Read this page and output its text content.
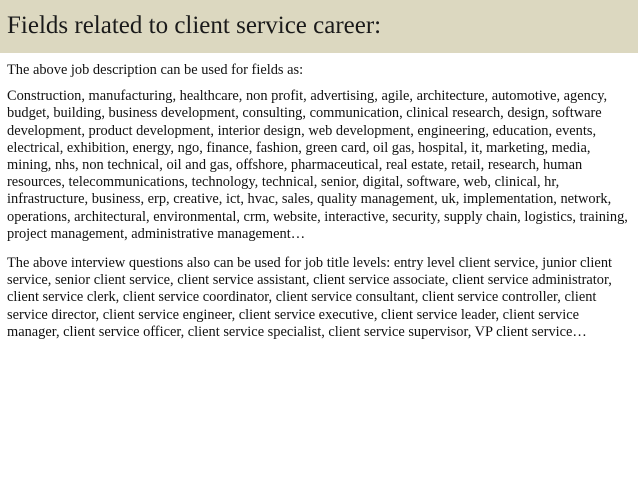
Fields related to client service career:

The above job description can be used for fields as:

Construction, manufacturing, healthcare, non profit, advertising, agile, architecture, automotive, agency, budget, building, business development, consulting, communication, clinical research, design, software development, product development, interior design, web development, engineering, education, events, electrical, exhibition, energy, ngo, finance, fashion, green card, oil gas, hospital, it, marketing, media, mining, nhs, non technical, oil and gas, offshore, pharmaceutical, real estate, retail, research, human resources, telecommunications, technology, technical, senior, digital, software, web, clinical, hr, infrastructure, business, erp, creative, ict, hvac, sales, quality management, uk, implementation, network, operations, architectural, environmental, crm, website, interactive, security, supply chain, logistics, training, project management, administrative management…

The above interview questions also can be used for job title levels: entry level client service, junior client service, senior client service, client service assistant, client service associate, client service administrator, client service clerk, client service coordinator, client service consultant, client service controller, client service director, client service engineer, client service executive, client service leader, client service manager, client service officer, client service specialist, client service supervisor, VP client service…
